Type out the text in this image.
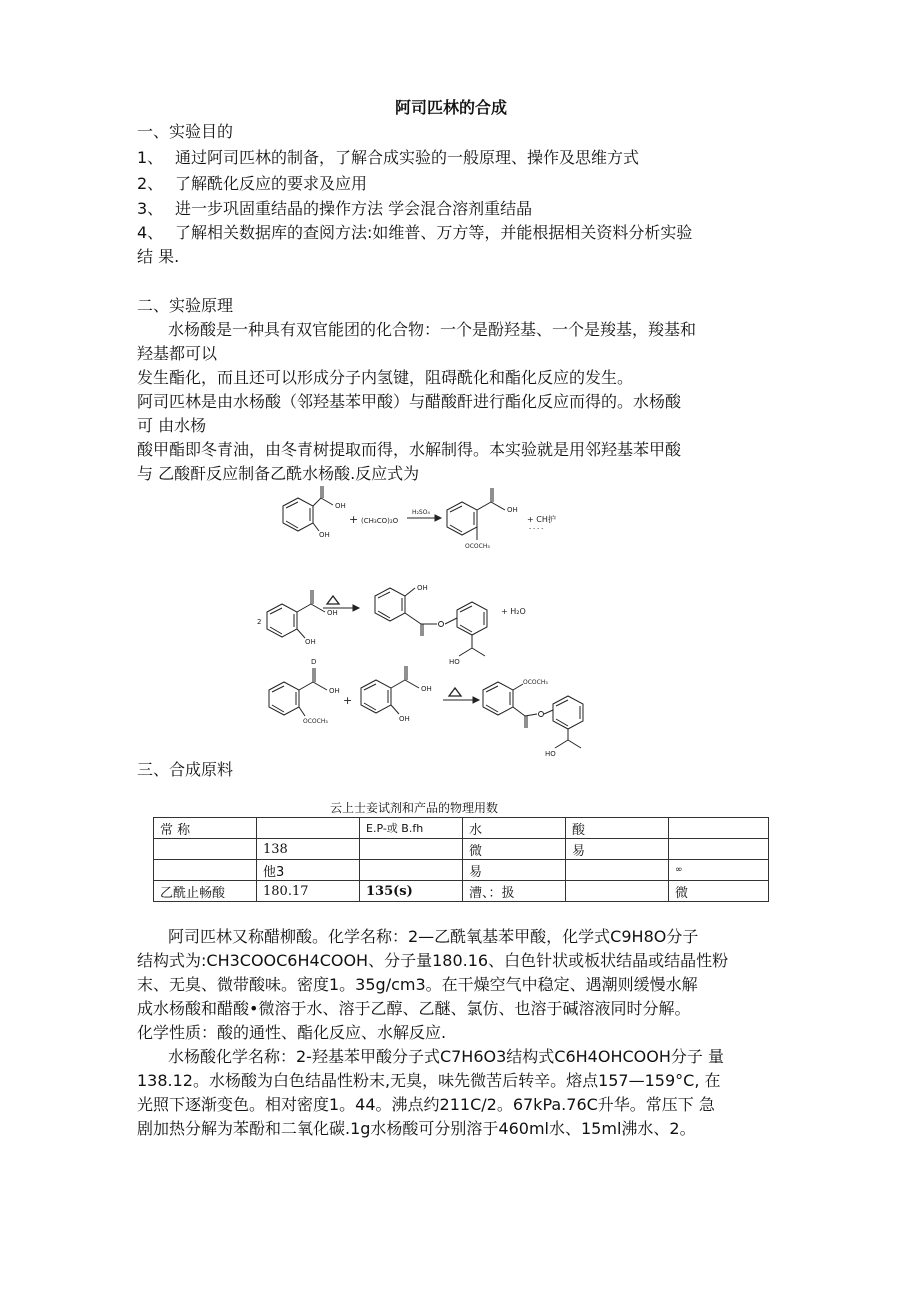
阿司匹林的合成
一、实验目的
1、 通过阿司匹林的制备，了解合成实验的一般原理、操作及思维方式
2、 了解酰化反应的要求及应用
3、 进一步巩固重结晶的操作方法 学会混合溶剂重结晶
4、 了解相关数据库的查阅方法:如维普、万方等，并能根据相关资料分析实验
结 果.
二、实验原理
水杨酸是一种具有双官能团的化合物：一个是酚羟基、一个是羧基，羧基和
羟基都可以
发生酯化，而且还可以形成分子内氢键，阻碍酰化和酯化反应的发生。
阿司匹林是由水杨酸（邻羟基苯甲酸）与醋酸酐进行酯化反应而得的。水杨酸
可 由水杨
酸甲酯即冬青油，由冬青树提取而得，水解制得。本实验就是用邻羟基苯甲酸
与 乙酸酐反应制备乙酰水杨酸.反应式为
OH
OH
+ (CH₃CO)₂O
H₂SO₄	OH
OCOCH₃
+ CH护
- - - -
2
OH
OH
OH
HO
+ H₂O
D
OH
OCOCH₃
+
OH
OH
OCOCH₃
HO
三、合成原料
云上士妾试剂和产品的物理用数
常 称		E.P-或 B.fh	水	酸	
	138		微	易	
	他3		易		∞
乙酰止畅酸	180.17	135(s)	漕、：扱		微
阿司匹林又称醋柳酸。化学名称：2—乙酰氧基苯甲酸，化学式C9H8O分子
结构式为:CH3COOC6H4COOH、分子量180.16、白色针状或板状结晶或结晶性粉
末、无臭、微带酸味。密度1。35g/cm3。在干燥空气中稳定、遇潮则缓慢水解
成水杨酸和醋酸•微溶于水、溶于乙醇、乙醚、氯仿、也溶于碱溶液同时分解。
化学性质：酸的通性、酯化反应、水解反应.
水杨酸化学名称：2-羟基苯甲酸分子式C7H6O3结构式C6H4OHCOOH分子 量
138.12。水杨酸为白色结晶性粉末,无臭，味先微苦后转辛。熔点157—159°C, 在
光照下逐渐变色。相对密度1。44。沸点约211C/2。67kPa.76C升华。常压下 急
剧加热分解为苯酚和二氧化碳.1g水杨酸可分别溶于460ml水、15ml沸水、2。
